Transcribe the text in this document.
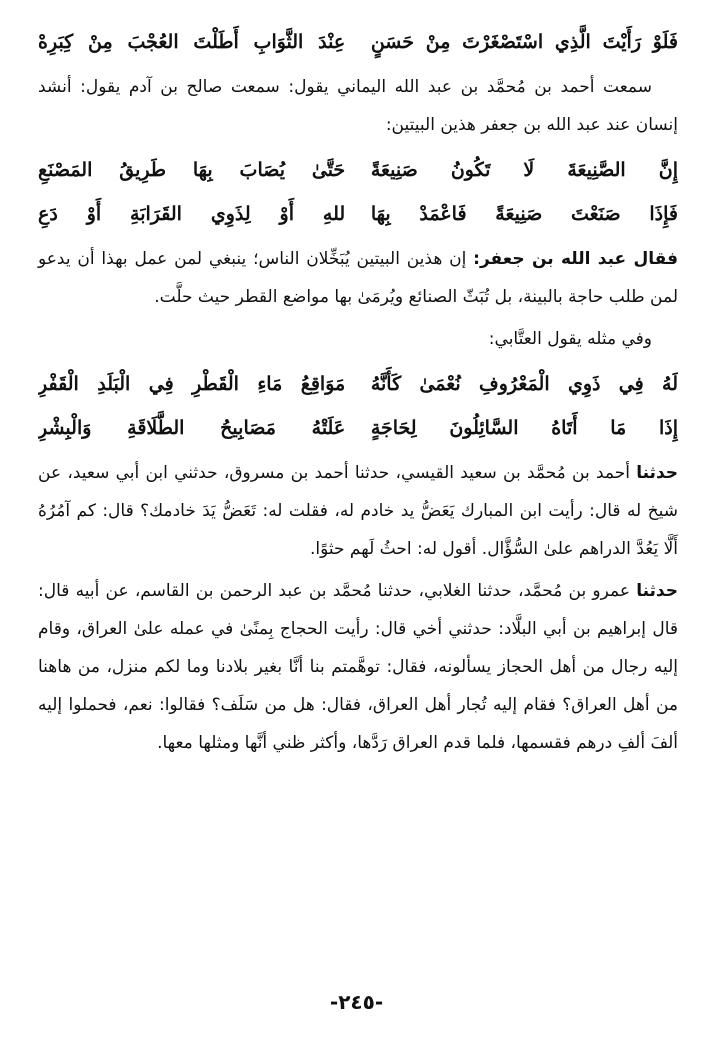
فَلَوْ رَأَيْتَ الَّذِي اسْتَصْغَرْتَ مِنْ حَسَنٍ
عِنْدَ الثَّوَابِ أَطَلْتَ العُجْبَ مِنْ كِبَرِهْ

سمعت أحمد بن مُحمَّد بن عبد الله اليماني يقول: سمعت صالح بن آدم يقول: أنشد إنسان عند عبد الله بن جعفر هذين البيتين:

إِنَّ الصَّنِيعَةَ لَا تَكُونُ صَنِيعَةً
حَتَّىٰ يُصَابَ بِهَا طَرِيقُ المَصْنَعِ
فَإِذَا صَنَعْتَ صَنِيعَةً فَاعْمَدْ بِهَا
للهِ أَوْ لِذَوِي القَرَابَةِ أَوْ دَعِ

فقال عبد الله بن جعفر: إن هذين البيتين يُبَخِّلان الناس؛ ينبغي لمن عمل بهذا أن يدعو لمن طلب حاجة بالبينة، بل تُبَثّ الصنائع ويُرمَىٰ بها مواضع القطر حيث حلَّت.

وفي مثله يقول العتَّابي:

لَهُ فِي ذَوِي الْمَعْرُوفِ نُعْمَىٰ كَأَنَّهُ
مَوَاقِعُ مَاءِ الْقَطْرِ فِي الْبَلَدِ الْقَفْرِ
إِذَا مَا أَتَاهُ السَّائِلُونَ لِحَاجَةٍ
عَلَتْهُ مَصَابِيحُ الطَّلَاقَةِ وَالْبِشْرِ

حدثنا أحمد بن مُحمَّد بن سعيد القيسي، حدثنا أحمد بن مسروق، حدثني ابن أبي سعيد، عن شيخ له قال: رأيت ابن المبارك يَعَضُّ يد خادم له، فقلت له: تَعَضُّ يَدَ خادمك؟ قال: كم آمُرُهُ أَلَّا يَعُدَّ الدراهم علىٰ السُّؤَّال. أقول له: احثُ لَهم حثوًا.

حدثنا عمرو بن مُحمَّد، حدثنا الغلابي، حدثنا مُحمَّد بن عبد الرحمن بن القاسم، عن أبيه قال: قال إبراهيم بن أبي البلَّاد: حدثني أخي قال: رأيت الحجاج بِمنًىٰ في عمله علىٰ العراق، وقام إليه رجال من أهل الحجاز يسألونه، فقال: توهَّمتم بنا أنَّا بغير بلادنا وما لكم منزل، من هاهنا من أهل العراق؟ فقام إليه تُجار أهل العراق، فقال: هل من سَلَف؟ فقالوا: نعم، فحملوا إليه ألفَ ألفِ درهم فقسمها، فلما قدم العراق رَدَّها، وأكثر ظني أنَّها ومثلها معها.

-٢٤٥-
